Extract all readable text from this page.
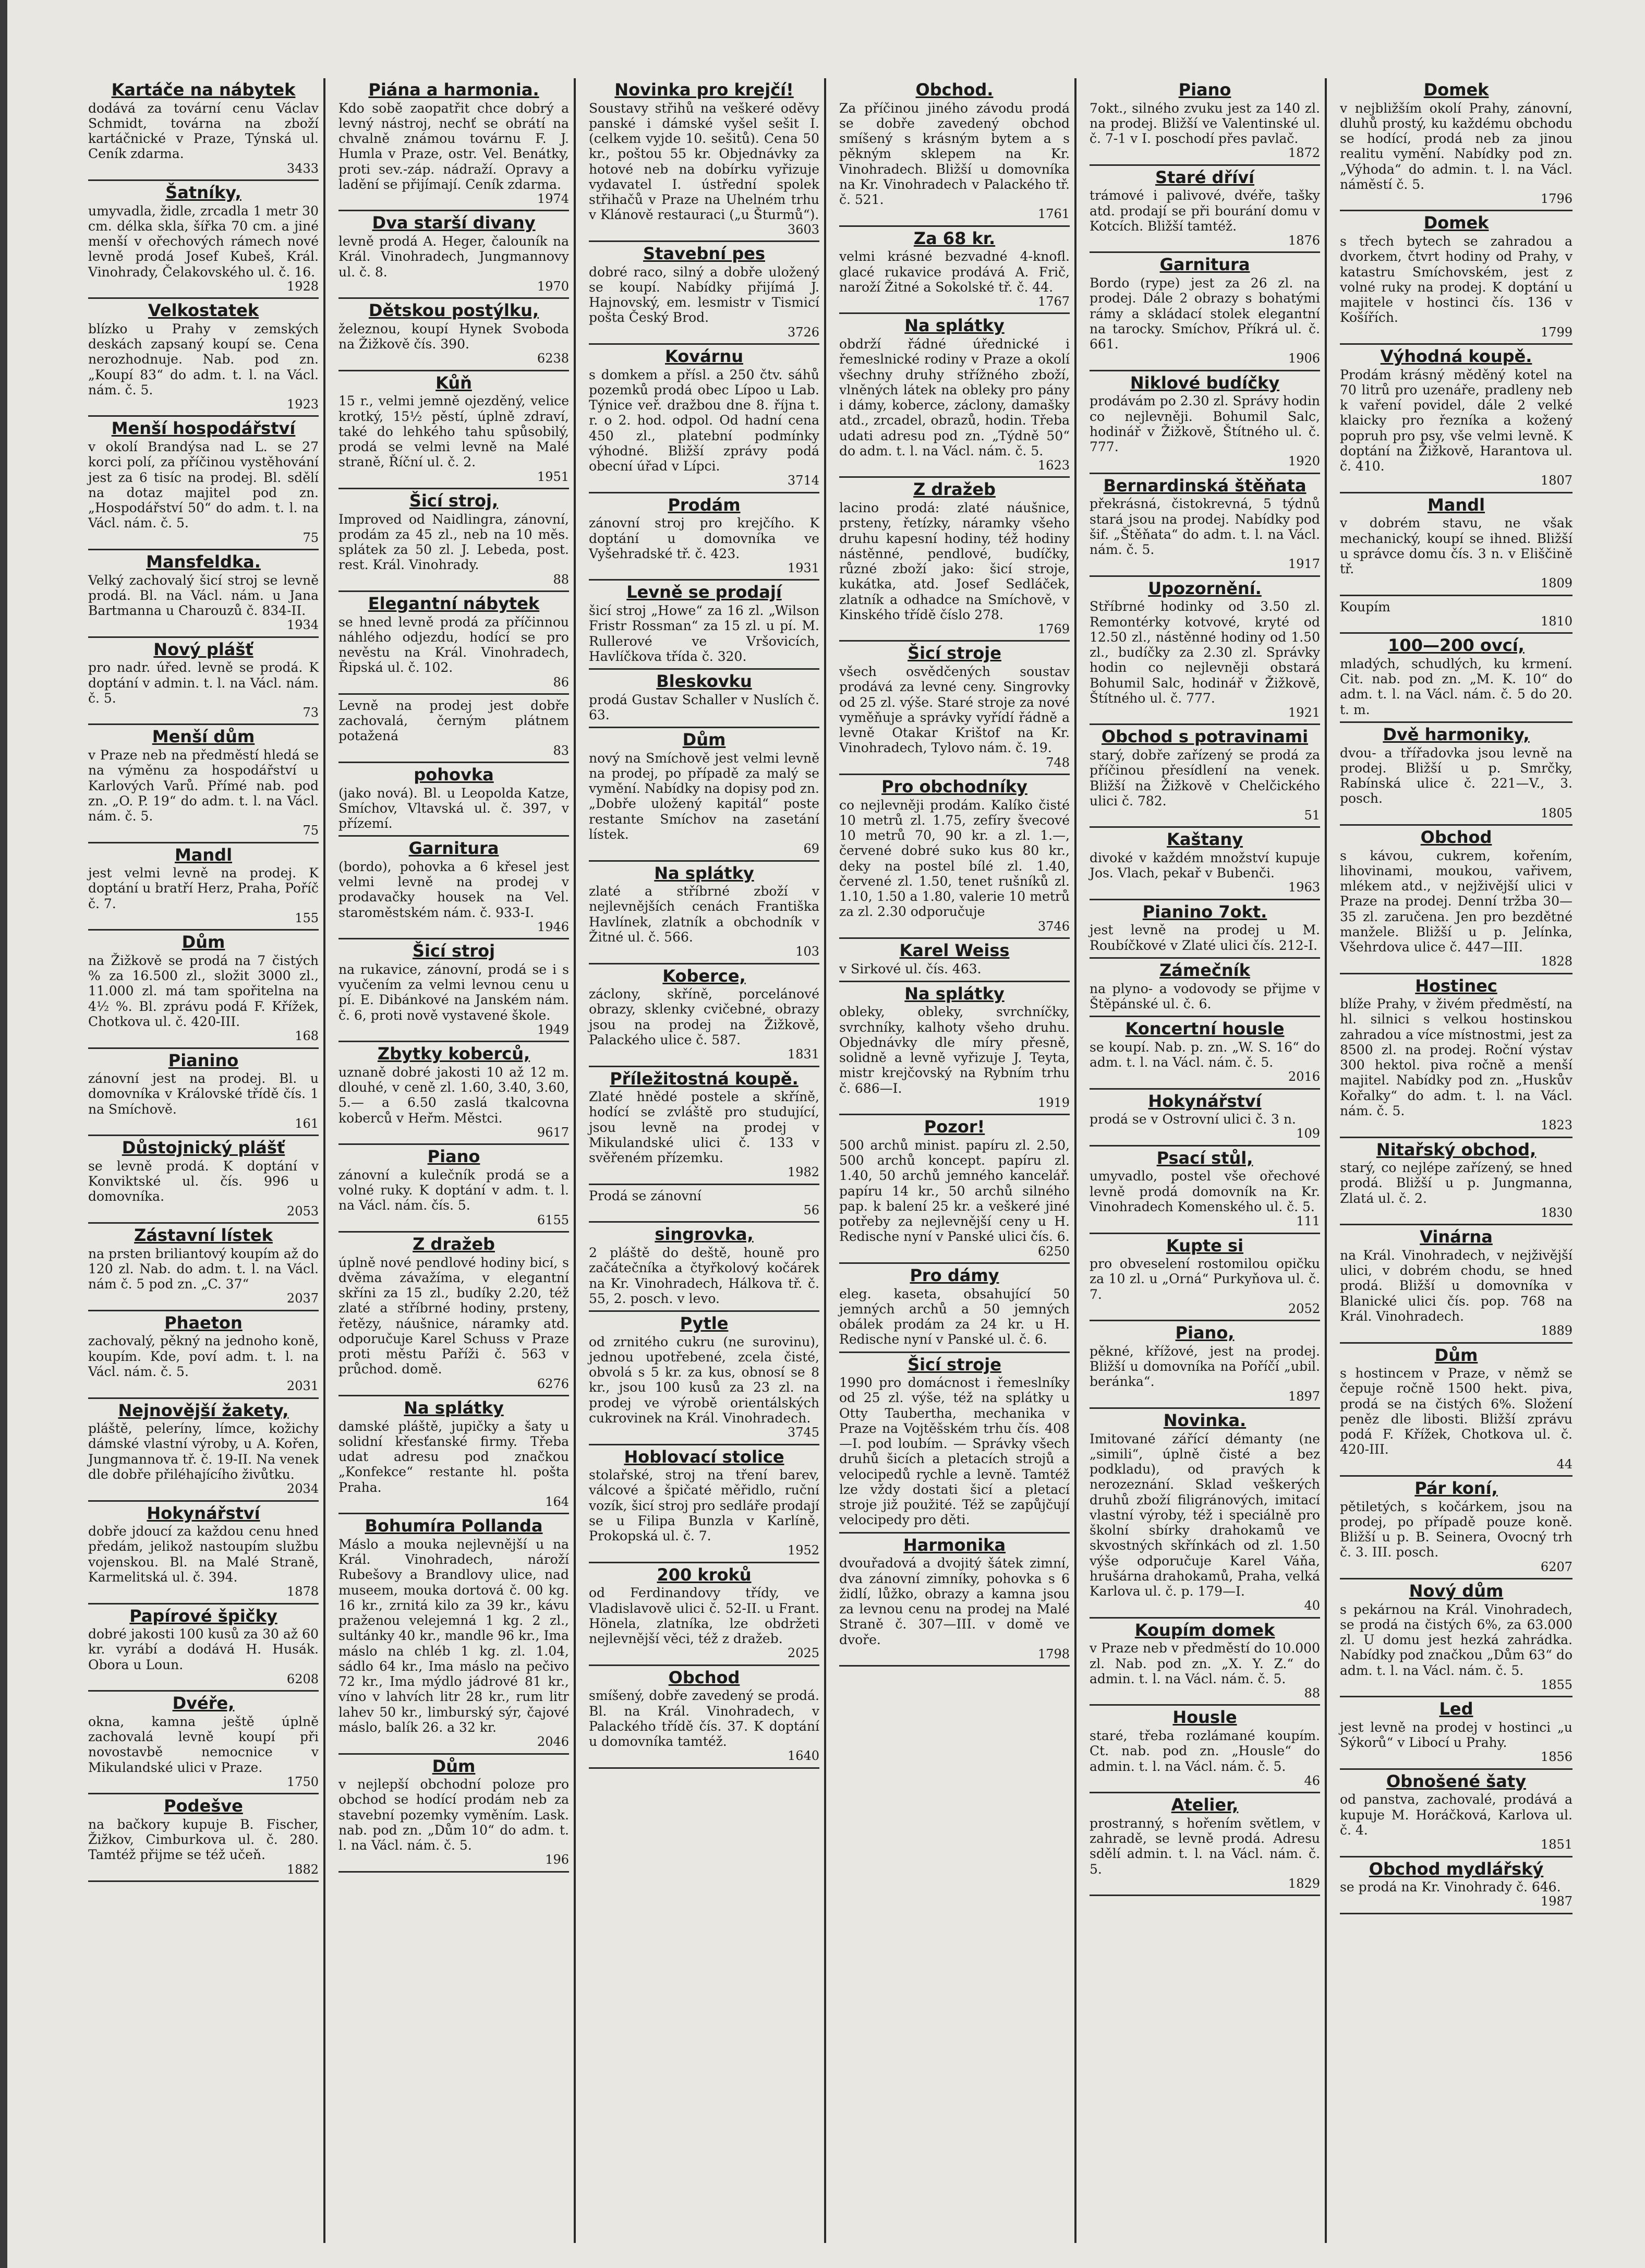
Kartáče na nábytek

dodává za tovární cenu Václav Schmidt, továrna na zboží kartáčnické v Praze, Týnská ul. Ceník zdarma.

3433
Šatníky,

umyvadla, židle, zrcadla 1 metr 30 cm. délka skla, šířka 70 cm. a jiné menší v ořechových rámech nové levně prodá Josef Kubeš, Král. Vinohrady, Čelakovského ul. č. 16.

1928
Velkostatek

blízko u Prahy v zemských deskách zapsaný koupí se. Cena nerozhodnuje. Nab. pod zn. „Koupí 83“ do adm. t. l. na Václ. nám. č. 5.

1923
Menší hospodářství

v okolí Brandýsa nad L. se 27 korci polí, za příčinou vystěhování jest za 6 tisíc na prodej. Bl. sdělí na dotaz majitel pod zn. „Hospodářství 50“ do adm. t. l. na Václ. nám. č. 5.

75
Mansfeldka.

Velký zachovalý šicí stroj se levně prodá. Bl. na Václ. nám. u Jana Bartmanna u Charouzů č. 834-II.

1934
Nový plášť

pro nadr. úřed. levně se prodá. K doptání v admin. t. l. na Václ. nám. č. 5.

73
Menší dům

v Praze neb na předměstí hledá se na výměnu za hospodářství u Karlových Varů. Přímé nab. pod zn. „O. P. 19“ do adm. t. l. na Václ. nám. č. 5.

75
Mandl

jest velmi levně na prodej. K doptání u bratří Herz, Praha, Poříč č. 7.

155
Dům

na Žižkově se prodá na 7 čistých % za 16.500 zl., složit 3000 zl., 11.000 zl. má tam spořitelna na 4½ %. Bl. zprávu podá F. Křížek, Chotkova ul. č. 420-III.

168
Pianino

zánovní jest na prodej. Bl. u domovníka v Královské třídě čís. 1 na Smíchově.

161
Důstojnický plášť

se levně prodá. K doptání v Konviktské ul. čís. 996 u domovníka.

2053
Zástavní lístek

na prsten briliantový koupím až do 120 zl. Nab. do adm. t. l. na Václ. nám č. 5 pod zn. „C. 37“

2037
Phaeton

zachovalý, pěkný na jednoho koně, koupím. Kde, poví adm. t. l. na Václ. nám. č. 5.

2031
Nejnovější žakety,

pláště, peleríny, límce, kožichy dámské vlastní výroby, u A. Kořen, Jungmannova tř. č. 19-II. Na venek dle dobře přiléhajícího živůtku.

2034
Hokynářství

dobře jdoucí za každou cenu hned předám, jelikož nastoupím službu vojenskou. Bl. na Malé Straně, Karmelitská ul. č. 394.

1878
Papírové špičky

dobré jakosti 100 kusů za 30 až 60 kr. vyrábí a dodává H. Husák. Obora u Loun.

6208
Dvéře,

okna, kamna ještě úplně zachovalá levně koupí při novostavbě nemocnice v Mikulandské ulici v Praze.

1750
Podešve

na bačkory kupuje B. Fischer, Žižkov, Cimburkova ul. č. 280. Tamtéž přijme se též učeň.

1882
Piána a harmonia.

Kdo sobě zaopatřit chce dobrý a levný nástroj, nechť se obrátí na chvalně známou továrnu F. J. Humla v Praze, ostr. Vel. Benátky, proti sev.-záp. nádraží. Opravy a ladění se přijímají. Ceník zdarma.

1974
Dva starší divany

levně prodá A. Heger, čalouník na Král. Vinohradech, Jungmannovy ul. č. 8.

1970
Dětskou postýlku,

železnou, koupí Hynek Svoboda na Žižkově čís. 390.

6238
Kůň

15 r., velmi jemně ojezděný, velice krotký, 15½ pěstí, úplně zdraví, také do lehkého tahu spůsobilý, prodá se velmi levně na Malé straně, Říční ul. č. 2.

1951
Šicí stroj,

Improved od Naidlingra, zánovní, prodám za 45 zl., neb na 10 měs. splátek za 50 zl. J. Lebeda, post. rest. Král. Vinohrady.

88
Elegantní nábytek

se hned levně prodá za příčinnou náhlého odjezdu, hodící se pro nevěstu na Král. Vinohradech, Řipská ul. č. 102.

86

Levně na prodej jest dobře zachovalá, černým plátnem potažená

83
pohovka

(jako nová). Bl. u Leopolda Katze, Smíchov, Vltavská ul. č. 397, v přízemí.

Garnitura

(bordo), pohovka a 6 křesel jest velmi levně na prodej v prodavačky housek na Vel. staroměstském nám. č. 933-I.

1946
Šicí stroj

na rukavice, zánovní, prodá se i s vyučením za velmi levnou cenu u pí. E. Dibánkové na Janském nám. č. 6, proti nově vystavené škole.

1949
Zbytky koberců,

uznaně dobré jakosti 10 až 12 m. dlouhé, v ceně zl. 1.60, 3.40, 3.60, 5.— a 6.50 zaslá tkalcovna koberců v Heřm. Městci.

9617
Piano

zánovní a kulečník prodá se a volné ruky. K doptání v adm. t. l. na Václ. nám. čís. 5.

6155
Z dražeb

úplně nové pendlové hodiny bicí, s dvěma závažíma, v elegantní skříni za 15 zl., budíky 2.20, též zlaté a stříbrné hodiny, prsteny, řetězy, náušnice, náramky atd. odporučuje Karel Schuss v Praze proti městu Paříži č. 563 v průchod. domě.

6276
Na splátky

damské pláště, jupičky a šaty u solidní křesťanské firmy. Třeba udat adresu pod značkou „Konfekce“ restante hl. pošta Praha.

164
Bohumíra Pollanda

Máslo a mouka nejlevnější u na Král. Vinohradech, nároží Rubešovy a Brandlovy ulice, nad museem, mouka dortová č. 00 kg. 16 kr., zrnitá kilo za 39 kr., kávu praženou velejemná 1 kg. 2 zl., sultánky 40 kr., mandle 96 kr., Ima máslo na chléb 1 kg. zl. 1.04, sádlo 64 kr., Ima máslo na pečivo 72 kr., Ima mýdlo jádrové 81 kr., víno v lahvích litr 28 kr., rum litr lahev 50 kr., limburský sýr, čajové máslo, balík 26. a 32 kr.

2046
Dům

v nejlepší obchodní poloze pro obchod se hodící prodám neb za stavební pozemky vyměním. Lask. nab. pod zn. „Dům 10“ do adm. t. l. na Václ. nám. č. 5.

196
Novinka pro krejčí!

Soustavy střihů na veškeré oděvy panské i dámské vyšel sešit I. (celkem vyjde 10. sešitů). Cena 50 kr., poštou 55 kr. Objednávky za hotové neb na dobírku vyřizuje vydavatel I. ústřední spolek střihačů v Praze na Uhelném trhu v Klánově restauraci („u Šturmů“).

3603
Stavební pes

dobré raco, silný a dobře uložený se koupí. Nabídky přijímá J. Hajnovský, em. lesmistr v Tismicí pošta Český Brod.

3726
Kovárnu

s domkem a přísl. a 250 čtv. sáhů pozemků prodá obec Lípoo u Lab. Týnice veř. dražbou dne 8. října t. r. o 2. hod. odpol. Od hadní cena 450 zl., platební podmínky výhodné. Bližší zprávy podá obecní úřad v Lípci.

3714
Prodám

zánovní stroj pro krejčího. K doptání u domovníka ve Vyšehradské tř. č. 423.

1931
Levně se prodají

šicí stroj „Howe“ za 16 zl. „Wilson Fristr Rossman“ za 15 zl. u pí. M. Rullerové ve Vršovicích, Havlíčkova třída č. 320.

Bleskovku

prodá Gustav Schaller v Nuslích č. 63.

Dům

nový na Smíchově jest velmi levně na prodej, po případě za malý se vymění. Nabídky na dopisy pod zn. „Dobře uložený kapitál“ poste restante Smíchov na zasetání lístek.

69
Na splátky

zlaté a stříbrné zboží v nejlevnějších cenách Františka Havlínek, zlatník a obchodník v Žitné ul. č. 566.

103
Koberce,

záclony, skříně, porcelánové obrazy, sklenky cvičebné, obrazy jsou na prodej na Žižkově, Palackého ulice č. 587.

1831
Příležitostná koupě.

Zlaté hnědé postele a skříně, hodící se zvláště pro studující, jsou levně na prodej v Mikulandské ulici č. 133 v svěřeném přízemku.

1982

Prodá se zánovní

56
singrovka,

2 pláště do deště, houně pro začátečníka a čtyřkolový kočárek na Kr. Vinohradech, Hálkova tř. č. 55, 2. posch. v levo.

Pytle

od zrnitého cukru (ne surovinu), jednou upotřebené, zcela čisté, obvolá s 5 kr. za kus, obnosí se 8 kr., jsou 100 kusů za 23 zl. na prodej ve výrobě orientálských cukrovinek na Král. Vinohradech.

3745
Hoblovací stolice

stolařské, stroj na tření barev, válcové a špičaté měřidlo, ruční vozík, šicí stroj pro sedláře prodají se u Filipa Bunzla v Karlíně, Prokopská ul. č. 7.

1952
200 kroků

od Ferdinandovy třídy, ve Vladislavově ulici č. 52-II. u Frant. Hönela, zlatníka, lze obdržeti nejlevnější věci, též z dražeb.

2025
Obchod

smíšený, dobře zavedený se prodá. Bl. na Král. Vinohradech, v Palackého třídě čís. 37. K doptání u domovníka tamtéž.

1640
Obchod.

Za příčinou jiného závodu prodá se dobře zavedený obchod smíšený s krásným bytem a s pěkným sklepem na Kr. Vinohradech. Bližší u domovníka na Kr. Vinohradech v Palackého tř. č. 521.

1761
Za 68 kr.

velmi krásné bezvadné 4-knofl. glacé rukavice prodává A. Frič, naroží Žitné a Sokolské tř. č. 44.

1767
Na splátky

obdrží řádné úřednické i řemeslnické rodiny v Praze a okolí všechny druhy střížného zboží, vlněných látek na obleky pro pány i dámy, koberce, záclony, damašky atd., zrcadel, obrazů, hodin. Třeba udati adresu pod zn. „Týdně 50“ do adm. t. l. na Václ. nám. č. 5.

1623
Z dražeb

lacino prodá: zlaté náušnice, prsteny, řetízky, náramky všeho druhu kapesní hodiny, též hodiny nástěnné, pendlové, budíčky, různé zboží jako: šicí stroje, kukátka, atd. Josef Sedláček, zlatník a odhadce na Smíchově, v Kinského třídě číslo 278.

1769
Šicí stroje

všech osvědčených soustav prodává za levné ceny. Singrovky od 25 zl. výše. Staré stroje za nové vyměňuje a správky vyřídí řádně a levně Otakar Krištof na Kr. Vinohradech, Tylovo nám. č. 19.

748
Pro obchodníky

co nejlevněji prodám. Kalíko čisté 10 metrů zl. 1.75, zefíry švecové 10 metrů 70, 90 kr. a zl. 1.—, červené dobré suko kus 80 kr., deky na postel bílé zl. 1.40, červené zl. 1.50, tenet rušníků zl. 1.10, 1.50 a 1.80, valerie 10 metrů za zl. 2.30 odporučuje

3746
Karel Weiss

v Sirkové ul. čís. 463.

Na splátky

obleky, obleky, svrchníčky, svrchníky, kalhoty všeho druhu. Objednávky dle míry přesně, solidně a levně vyřizuje J. Teyta, mistr krejčovský na Rybním trhu č. 686—I.

1919
Pozor!

500 archů minist. papíru zl. 2.50, 500 archů koncept. papíru zl. 1.40, 50 archů jemného kancelář. papíru 14 kr., 50 archů silného pap. k balení 25 kr. a veškeré jiné potřeby za nejlevnější ceny u H. Redische nyní v Panské ulici čís. 6.

6250
Pro dámy

eleg. kaseta, obsahující 50 jemných archů a 50 jemných obálek prodám za 24 kr. u H. Redische nyní v Panské ul. č. 6.

Šicí stroje

1990 pro domácnost i řemeslníky od 25 zl. výše, též na splátky u Otty Taubertha, mechanika v Praze na Vojtěšském trhu čís. 408—I. pod loubím. — Správky všech druhů šicích a pletacích strojů a velocipedů rychle a levně. Tamtéž lze vždy dostati šicí a pletací stroje již použité. Též se zapůjčují velocipedy pro děti.

Harmonika

dvouřadová a dvojitý šátek zimní, dva zánovní zimníky, pohovka s 6 židlí, lůžko, obrazy a kamna jsou za levnou cenu na prodej na Malé Straně č. 307—III. v domě ve dvoře.

1798
Piano

7okt., silného zvuku jest za 140 zl. na prodej. Bližší ve Valentinské ul. č. 7-1 v I. poschodí přes pavlač.

1872
Staré dříví

trámové i palivové, dvéře, tašky atd. prodají se při bourání domu v Kotcích. Bližší tamtéž.

1876
Garnitura

Bordo (rype) jest za 26 zl. na prodej. Dále 2 obrazy s bohatými rámy a skládací stolek elegantní na tarocky. Smíchov, Příkrá ul. č. 661.

1906
Niklové budíčky

prodávám po 2.30 zl. Správy hodin co nejlevněji. Bohumil Salc, hodinář v Žižkově, Štítného ul. č. 777.

1920
Bernardinská štěňata

překrásná, čistokrevná, 5 týdnů stará jsou na prodej. Nabídky pod šif. „Štěňata“ do adm. t. l. na Václ. nám. č. 5.

1917
Upozornění.

Stříbrné hodinky od 3.50 zl. Remontérky kotvové, kryté od 12.50 zl., nástěnné hodiny od 1.50 zl., budíčky za 2.30 zl. Správky hodin co nejlevněji obstará Bohumil Salc, hodinář v Žižkově, Štítného ul. č. 777.

1921
Obchod s potravinami

starý, dobře zařízený se prodá za příčinou přesídlení na venek. Bližší na Žižkově v Chelčického ulici č. 782.

51
Kaštany

divoké v každém množství kupuje Jos. Vlach, pekař v Bubenči.

1963
Pianino 7okt.

jest levně na prodej u M. Roubíčkové v Zlaté ulici čís. 212-I.

Zámečník

na plyno- a vodovody se přijme v Štěpánské ul. č. 6.

Koncertní housle

se koupí. Nab. p. zn. „W. S. 16“ do adm. t. l. na Václ. nám. č. 5.

2016
Hokynářství

prodá se v Ostrovní ulici č. 3 n.

109
Psací stůl,

umyvadlo, postel vše ořechové levně prodá domovník na Kr. Vinohradech Komenského ul. č. 5.

111
Kupte si

pro obveselení rostomilou opičku za 10 zl. u „Orná“ Purkyňova ul. č. 7.

2052
Piano,

pěkné, křížové, jest na prodej. Bližší u domovníka na Poříčí „ubil. beránka“.

1897
Novinka.

Imitované zářící démanty (ne „simili“, úplně čisté a bez podkladu), od pravých k nerozeznání. Sklad veškerých druhů zboží filigránových, imitací vlastní výroby, též i speciálně pro školní sbírky drahokamů ve skvostných skřínkách od zl. 1.50 výše odporučuje Karel Váňa, hrušárna drahokamů, Praha, velká Karlova ul. č. p. 179—I.

40
Koupím domek

v Praze neb v předměstí do 10.000 zl. Nab. pod zn. „X. Y. Z.“ do admin. t. l. na Václ. nám. č. 5.

88
Housle

staré, třeba rozlámané koupím. Ct. nab. pod zn. „Housle“ do admin. t. l. na Václ. nám. č. 5.

46
Atelier,

prostranný, s hořením světlem, v zahradě, se levně prodá. Adresu sdělí admin. t. l. na Václ. nám. č. 5.

1829
Domek

v nejbližším okolí Prahy, zánovní, dluhů prostý, ku každému obchodu se hodící, prodá neb za jinou realitu vymění. Nabídky pod zn. „Výhoda“ do admin. t. l. na Václ. náměstí č. 5.

1796
Domek

s třech bytech se zahradou a dvorkem, čtvrt hodiny od Prahy, v katastru Smíchovském, jest z volné ruky na prodej. K doptání u majitele v hostinci čís. 136 v Košířích.

1799
Výhodná koupě.

Prodám krásný měděný kotel na 70 litrů pro uzenáře, pradleny neb k vaření povidel, dále 2 velké klaicky pro řezníka a kožený popruh pro psy, vše velmi levně. K doptání na Žižkově, Harantova ul. č. 410.

1807
Mandl

v dobrém stavu, ne však mechanický, koupí se ihned. Bližší u správce domu čís. 3 n. v Eliščině tř.

1809

Koupím

1810
100—200 ovcí,

mladých, schudlých, ku krmení. Cit. nab. pod zn. „M. K. 10“ do adm. t. l. na Václ. nám. č. 5 do 20. t. m.

Dvě harmoniky,

dvou- a třířadovka jsou levně na prodej. Bližší u p. Smrčky, Rabínská ulice č. 221—V., 3. posch.

1805
Obchod

s kávou, cukrem, kořením, lihovinami, moukou, vařivem, mlékem atd., v nejživější ulici v Praze na prodej. Denní tržba 30—35 zl. zaručena. Jen pro bezdětné manžele. Bližší u p. Jelínka, Všehrdova ulice č. 447—III.

1828
Hostinec

blíže Prahy, v živém předměstí, na hl. silnici s velkou hostinskou zahradou a více místnostmi, jest za 8500 zl. na prodej. Roční výstav 300 hektol. piva ročně a menší majitel. Nabídky pod zn. „Huskův Kořalky“ do adm. t. l. na Václ. nám. č. 5.

1823
Nitařský obchod,

starý, co nejlépe zařízený, se hned prodá. Bližší u p. Jungmanna, Zlatá ul. č. 2.

1830
Vinárna

na Král. Vinohradech, v nejživější ulici, v dobrém chodu, se hned prodá. Bližší u domovníka v Blanické ulici čís. pop. 768 na Král. Vinohradech.

1889
Dům

s hostincem v Praze, v němž se čepuje ročně 1500 hekt. piva, prodá se na čistých 6%. Složení peněz dle libosti. Bližší zprávu podá F. Křížek, Chotkova ul. č. 420-III.

44
Pár koní,

pětiletých, s kočárkem, jsou na prodej, po případě pouze koně. Bližší u p. B. Seinera, Ovocný trh č. 3. III. posch.

6207
Nový dům

s pekárnou na Král. Vinohradech, se prodá na čistých 6%, za 63.000 zl. U domu jest hezká zahrádka. Nabídky pod značkou „Dům 63“ do adm. t. l. na Václ. nám. č. 5.

1855
Led

jest levně na prodej v hostinci „u Sýkorů“ v Libocí u Prahy.

1856
Obnošené šaty

od panstva, zachovalé, prodává a kupuje M. Horáčková, Karlova ul. č. 4.

1851
Obchod mydlářský

se prodá na Kr. Vinohrady č. 646.

1987
